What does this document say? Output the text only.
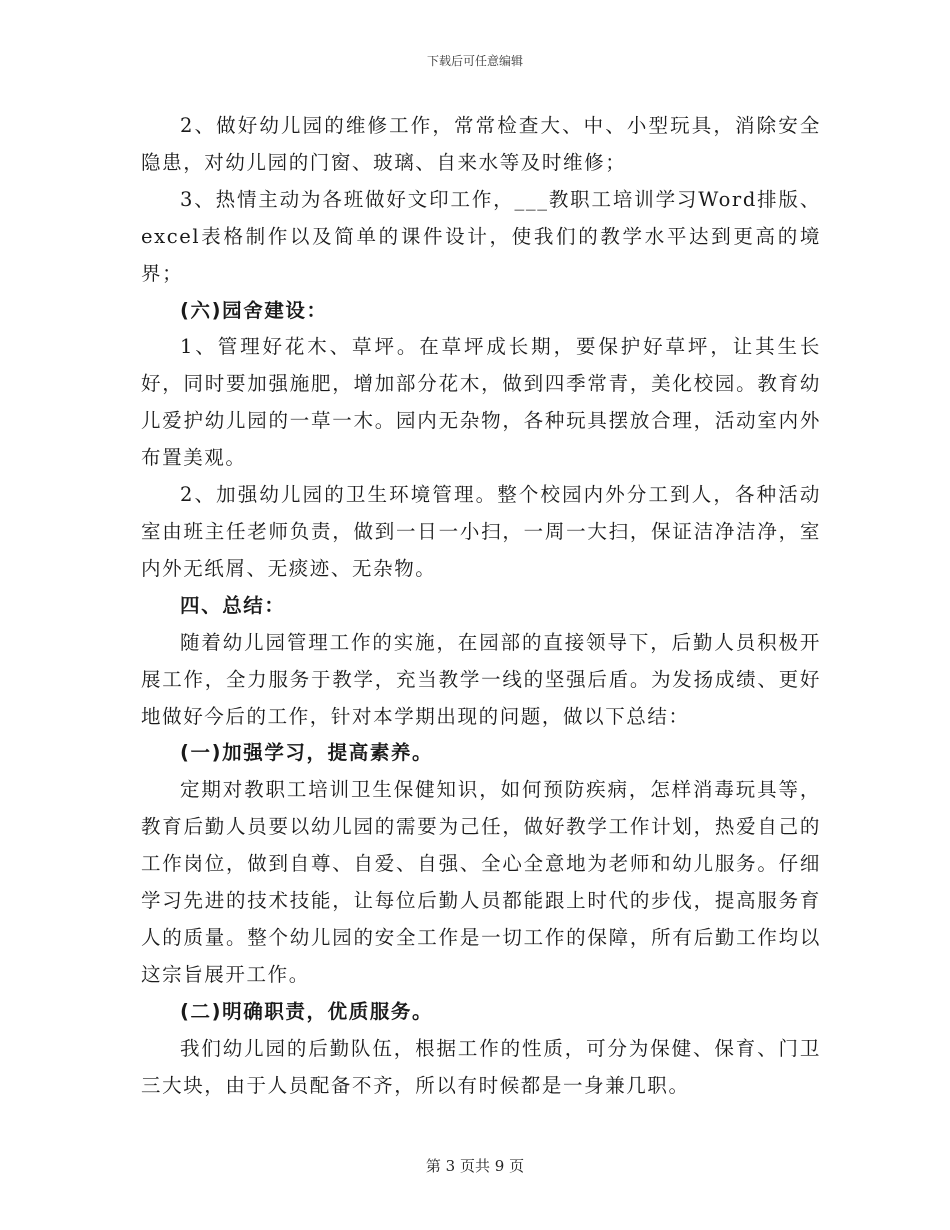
下载后可任意编辑

2、做好幼儿园的维修工作，常常检查大、中、小型玩具，消除安全隐患，对幼儿园的门窗、玻璃、自来水等及时维修；

3、热情主动为各班做好文印工作，___教职工培训学习Word排版、excel表格制作以及简单的课件设计，使我们的教学水平达到更高的境界；

(六)园舍建设：

1、管理好花木、草坪。在草坪成长期，要保护好草坪，让其生长好，同时要加强施肥，增加部分花木，做到四季常青，美化校园。教育幼儿爱护幼儿园的一草一木。园内无杂物，各种玩具摆放合理，活动室内外布置美观。

2、加强幼儿园的卫生环境管理。整个校园内外分工到人，各种活动室由班主任老师负责，做到一日一小扫，一周一大扫，保证洁净洁净，室内外无纸屑、无痰迹、无杂物。

四、总结：

随着幼儿园管理工作的实施，在园部的直接领导下，后勤人员积极开展工作，全力服务于教学，充当教学一线的坚强后盾。为发扬成绩、更好地做好今后的工作，针对本学期出现的问题，做以下总结：

(一)加强学习，提高素养。

定期对教职工培训卫生保健知识，如何预防疾病，怎样消毒玩具等，教育后勤人员要以幼儿园的需要为己任，做好教学工作计划，热爱自己的工作岗位，做到自尊、自爱、自强、全心全意地为老师和幼儿服务。仔细学习先进的技术技能，让每位后勤人员都能跟上时代的步伐，提高服务育人的质量。整个幼儿园的安全工作是一切工作的保障，所有后勤工作均以这宗旨展开工作。

(二)明确职责，优质服务。

我们幼儿园的后勤队伍，根据工作的性质，可分为保健、保育、门卫三大块，由于人员配备不齐，所以有时候都是一身兼几职。

第 3 页共 9 页
